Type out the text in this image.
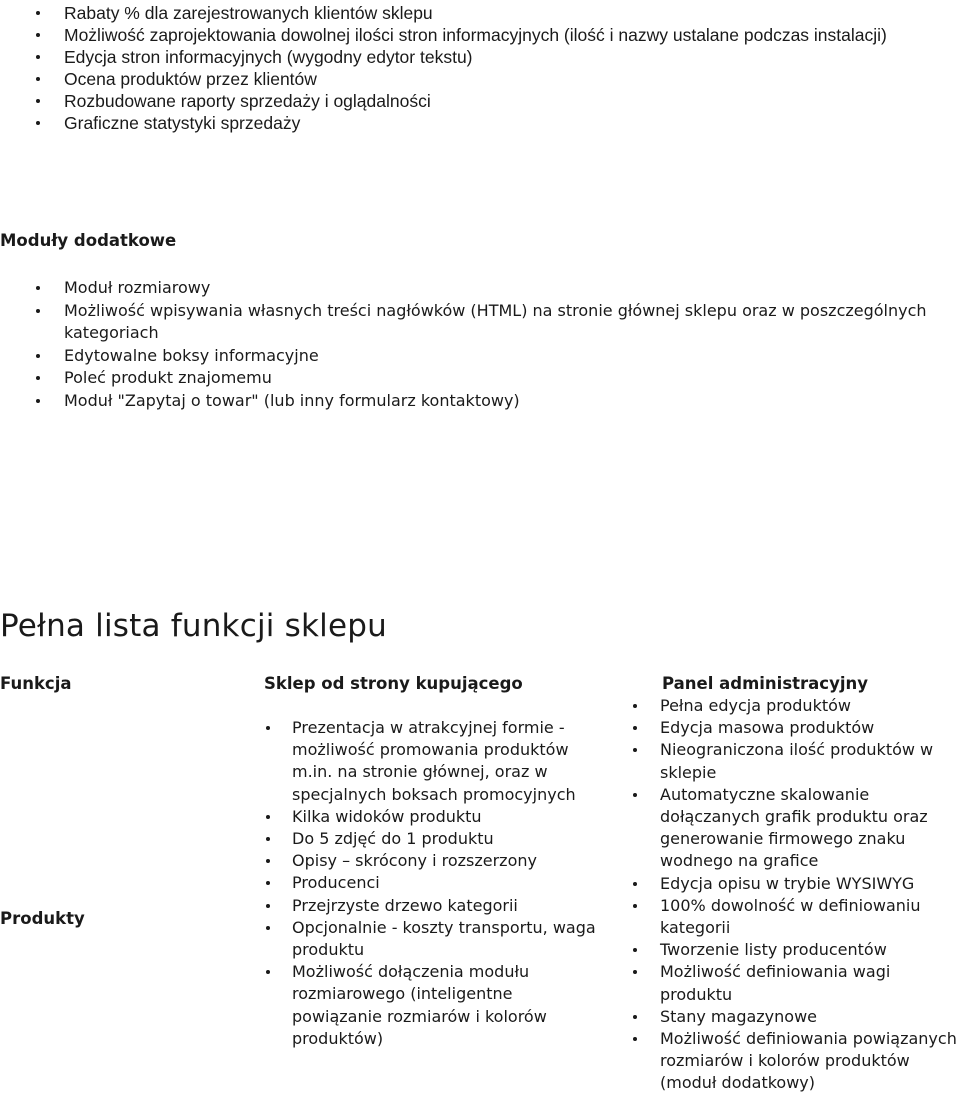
Rabaty % dla zarejestrowanych klientów sklepu
Możliwość zaprojektowania dowolnej ilości stron informacyjnych (ilość i nazwy ustalane podczas instalacji)
Edycja stron informacyjnych (wygodny edytor tekstu)
Ocena produktów przez klientów
Rozbudowane raporty sprzedaży i oglądalności
Graficzne statystyki sprzedaży
Moduły dodatkowe
Moduł rozmiarowy
Możliwość wpisywania własnych treści nagłówków (HTML) na stronie głównej sklepu oraz w poszczególnych kategoriach
Edytowalne boksy informacyjne
Poleć produkt znajomemu
Moduł "Zapytaj o towar" (lub inny formularz kontaktowy)
Pełna lista funkcji sklepu
Funkcja	Sklep od strony kupującego	Panel administracyjny
Produkty
Prezentacja w atrakcyjnej formie - możliwość promowania produktów m.in. na stronie głównej, oraz w specjalnych boksach promocyjnych
Kilka widoków produktu
Do 5 zdjęć do 1 produktu
Opisy – skrócony i rozszerzony
Producenci
Przejrzyste drzewo kategorii
Opcjonalnie - koszty transportu, waga produktu
Możliwość dołączenia modułu rozmiarowego (inteligentne powiązanie rozmiarów i kolorów produktów)
Pełna edycja produktów
Edycja masowa produktów
Nieograniczona ilość produktów w sklepie
Automatyczne skalowanie dołączanych grafik produktu oraz generowanie firmowego znaku wodnego na grafice
Edycja opisu w trybie WYSIWYG
100% dowolność w definiowaniu kategorii
Tworzenie listy producentów
Możliwość definiowania wagi produktu
Stany magazynowe
Możliwość definiowania powiązanych rozmiarów i kolorów produktów (moduł dodatkowy)
